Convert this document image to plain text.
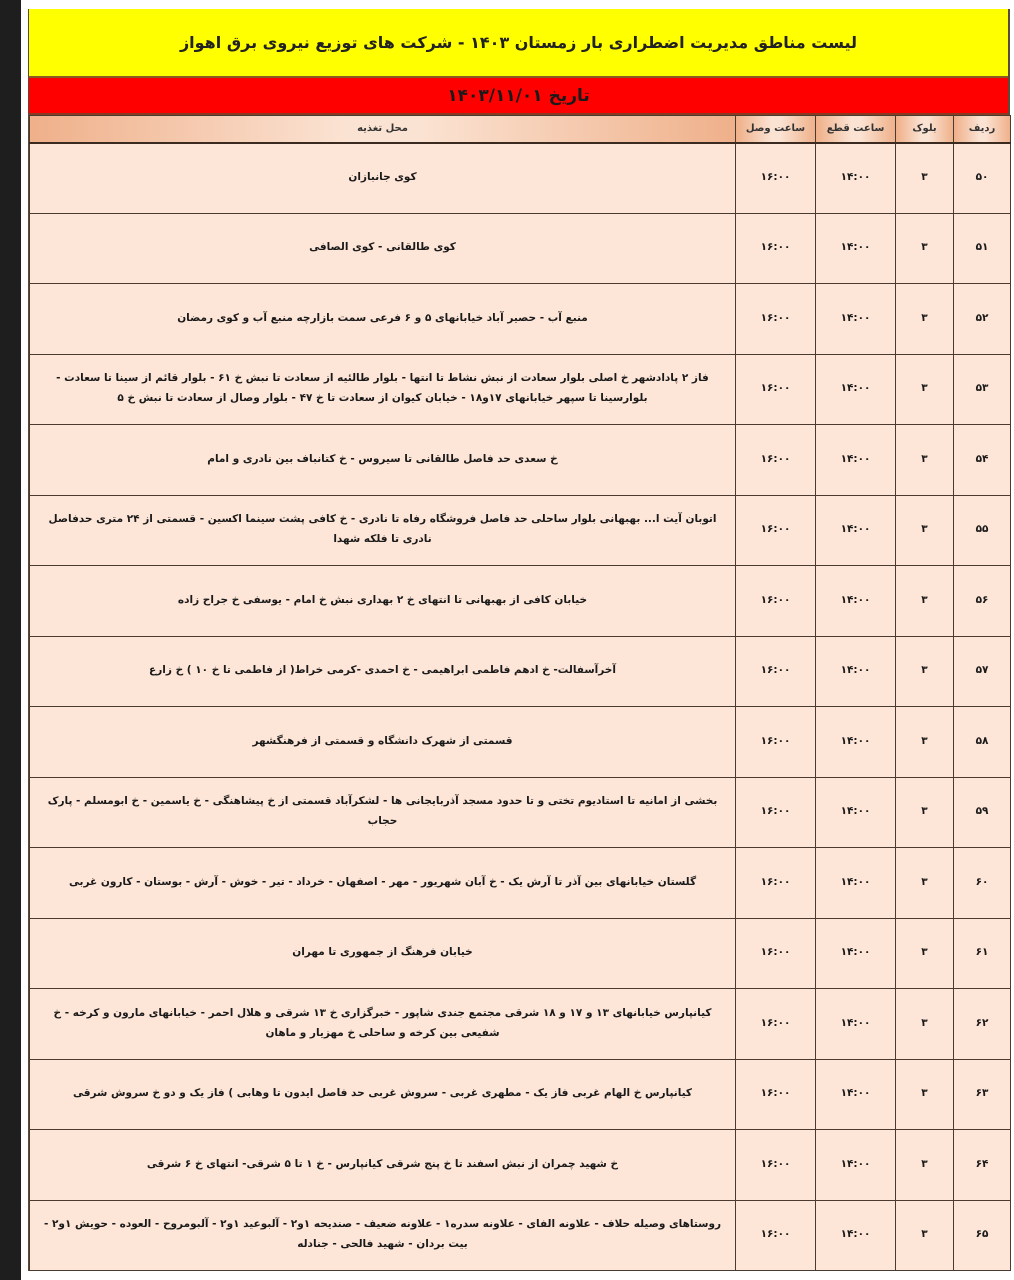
لیست مناطق مدیریت اضطراری بار زمستان ۱۴۰۳ - شرکت های توزیع نیروی برق اهواز
تاریخ ۱۴۰۳/۱۱/۰۱
ردیف	بلوک	ساعت قطع	ساعت وصل	محل تغذیه
۵۰	۳	۱۴:۰۰	۱۶:۰۰	کوی جانبازان
۵۱	۳	۱۴:۰۰	۱۶:۰۰	کوی طالقانی - کوی الصافی
۵۲	۳	۱۴:۰۰	۱۶:۰۰	منبع آب - حصیر آباد خیابانهای ۵ و ۶ فرعی سمت بازارچه منبع آب و کوی رمضان
۵۳	۳	۱۴:۰۰	۱۶:۰۰	فاز ۲ پادادشهر خ اصلی بلوار سعادت از نبش نشاط تا انتها - بلوار طالئیه از سعادت تا نبش خ ۶۱ - بلوار قائم از سینا تا سعادت - بلوارسینا تا سپهر خیابانهای ۱۷و۱۸ - خیابان کیوان از سعادت تا خ ۴۷ - بلوار وصال از سعادت تا نبش خ ۵
۵۴	۳	۱۴:۰۰	۱۶:۰۰	خ سعدی حد فاصل طالقانی تا سیروس - خ کتانباف بین نادری و امام
۵۵	۳	۱۴:۰۰	۱۶:۰۰	اتوبان آیت ا... بهبهانی بلوار ساحلی حد فاصل فروشگاه رفاه تا نادری - خ کافی پشت سینما اکسین - قسمتی از ۲۴ متری حدفاصل نادری تا فلکه شهدا
۵۶	۳	۱۴:۰۰	۱۶:۰۰	خیابان کافی از بهبهانی تا انتهای خ ۲ بهداری نبش خ امام - یوسفی خ جراح زاده
۵۷	۳	۱۴:۰۰	۱۶:۰۰	آخرآسفالت- خ ادهم فاطمی ابراهیمی - خ احمدی -کرمی خراط( از فاطمی تا خ ۱۰ ) خ زارع
۵۸	۳	۱۴:۰۰	۱۶:۰۰	قسمتی از شهرک دانشگاه و قسمتی از فرهنگشهر
۵۹	۳	۱۴:۰۰	۱۶:۰۰	بخشی از امانیه تا استادیوم تختی و تا حدود مسجد آذربایجانی ها - لشکرآباد قسمتی از خ پیشاهنگی - خ یاسمین - خ ابومسلم - پارک حجاب
۶۰	۳	۱۴:۰۰	۱۶:۰۰	گلستان خیابانهای بین آذر تا آرش یک - خ آبان شهریور - مهر - اصفهان - خرداد - تیر - خوش - آرش - بوستان - کارون غربی
۶۱	۳	۱۴:۰۰	۱۶:۰۰	خیابان فرهنگ از جمهوری تا مهران
۶۲	۳	۱۴:۰۰	۱۶:۰۰	کیانپارس خیابانهای ۱۳ و ۱۷ و ۱۸ شرقی مجتمع جندی شاپور - خبرگزاری خ ۱۳ شرقی و هلال احمر - خیابانهای مارون و کرخه - خ شفیعی بین کرخه و ساحلی خ مهزیار و ماهان
۶۳	۳	۱۴:۰۰	۱۶:۰۰	کیانپارس خ الهام غربی فاز یک - مطهری غربی - سروش غربی حد فاصل ایدون تا وهابی ) فاز یک و دو خ سروش شرقی
۶۴	۳	۱۴:۰۰	۱۶:۰۰	خ شهید چمران از نبش اسفند تا خ پنج شرقی کیانپارس - خ ۱ تا ۵ شرقی- انتهای خ ۶ شرقی
۶۵	۳	۱۴:۰۰	۱۶:۰۰	روستاهای وصیله حلاف - علاونه الفای - علاونه سدره۱ - علاونه ضعیف - صندیحه ۱و۲ - آلبوعید ۱و۲ - آلبومروح - العوده - حویش ۱و۲ - بیت بردان - شهید فالحی - جنادله
